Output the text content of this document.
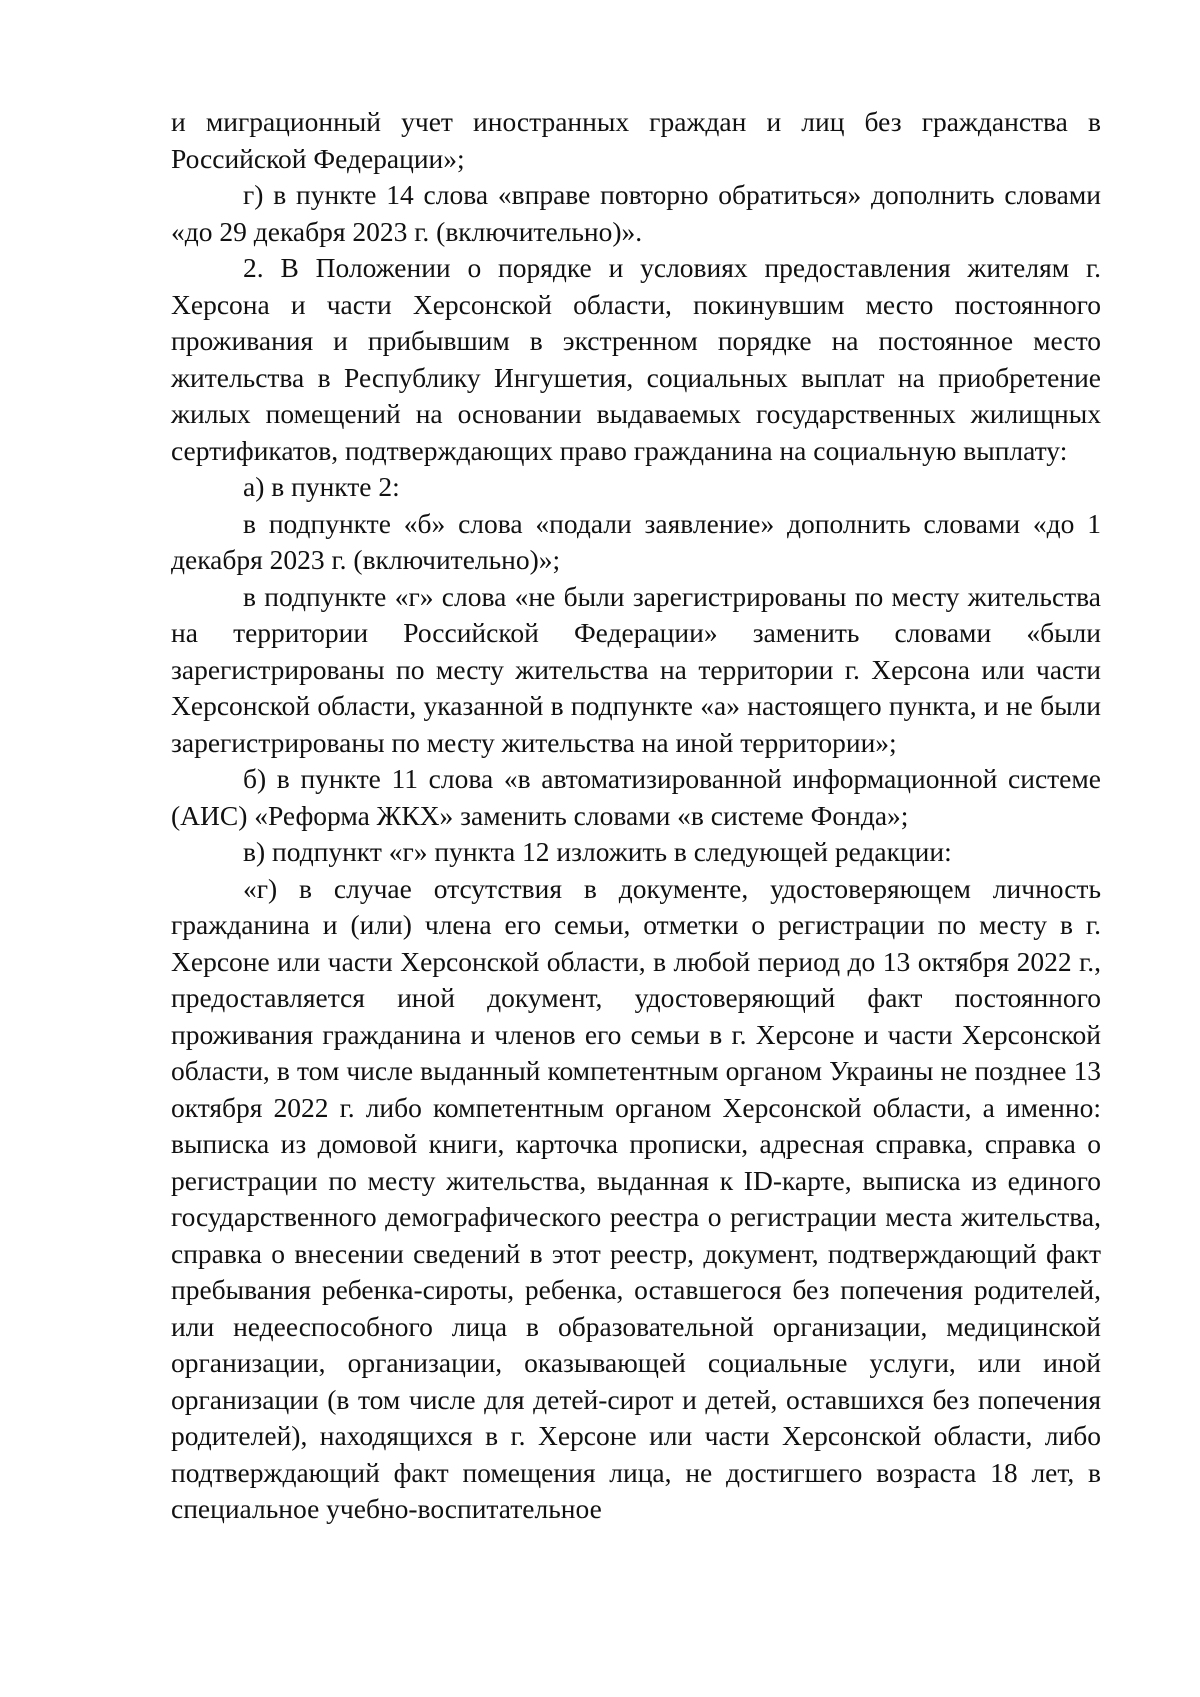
и миграционный учет иностранных граждан и лиц без гражданства в Российской Федерации»;

г) в пункте 14 слова «вправе повторно обратиться» дополнить словами «до 29 декабря 2023 г. (включительно)».

2. В Положении о порядке и условиях предоставления жителям г. Херсона и части Херсонской области, покинувшим место постоянного проживания и прибывшим в экстренном порядке на постоянное место жительства в Республику Ингушетия, социальных выплат на приобретение жилых помещений на основании выдаваемых государственных жилищных сертификатов, подтверждающих право гражданина на социальную выплату:

а) в пункте 2:

в подпункте «б» слова «подали заявление» дополнить словами «до 1 декабря 2023 г. (включительно)»;

в подпункте «г» слова «не были зарегистрированы по месту жительства на территории Российской Федерации» заменить словами «были зарегистрированы по месту жительства на территории г. Херсона или части Херсонской области, указанной в подпункте «а» настоящего пункта, и не были зарегистрированы по месту жительства на иной территории»;

б) в пункте 11 слова «в автоматизированной информационной системе (АИС) «Реформа ЖКХ» заменить словами «в системе Фонда»;

в) подпункт «г» пункта 12 изложить в следующей редакции:

«г) в случае отсутствия в документе, удостоверяющем личность гражданина и (или) члена его семьи, отметки о регистрации по месту в г. Херсоне или части Херсонской области, в любой период до 13 октября 2022 г., предоставляется иной документ, удостоверяющий факт постоянного проживания гражданина и членов его семьи в г. Херсоне и части Херсонской области, в том числе выданный компетентным органом Украины не позднее 13 октября 2022 г. либо компетентным органом Херсонской области, а именно: выписка из домовой книги, карточка прописки, адресная справка, справка о регистрации по месту жительства, выданная к ID-карте, выписка из единого государственного демографического реестра о регистрации места жительства, справка о внесении сведений в этот реестр, документ, подтверждающий факт пребывания ребенка-сироты, ребенка, оставшегося без попечения родителей, или недееспособного лица в образовательной организации, медицинской организации, организации, оказывающей социальные услуги, или иной организации (в том числе для детей-сирот и детей, оставшихся без попечения родителей), находящихся в г. Херсоне или части Херсонской области, либо подтверждающий факт помещения лица, не достигшего возраста 18 лет, в специальное учебно-воспитательное
